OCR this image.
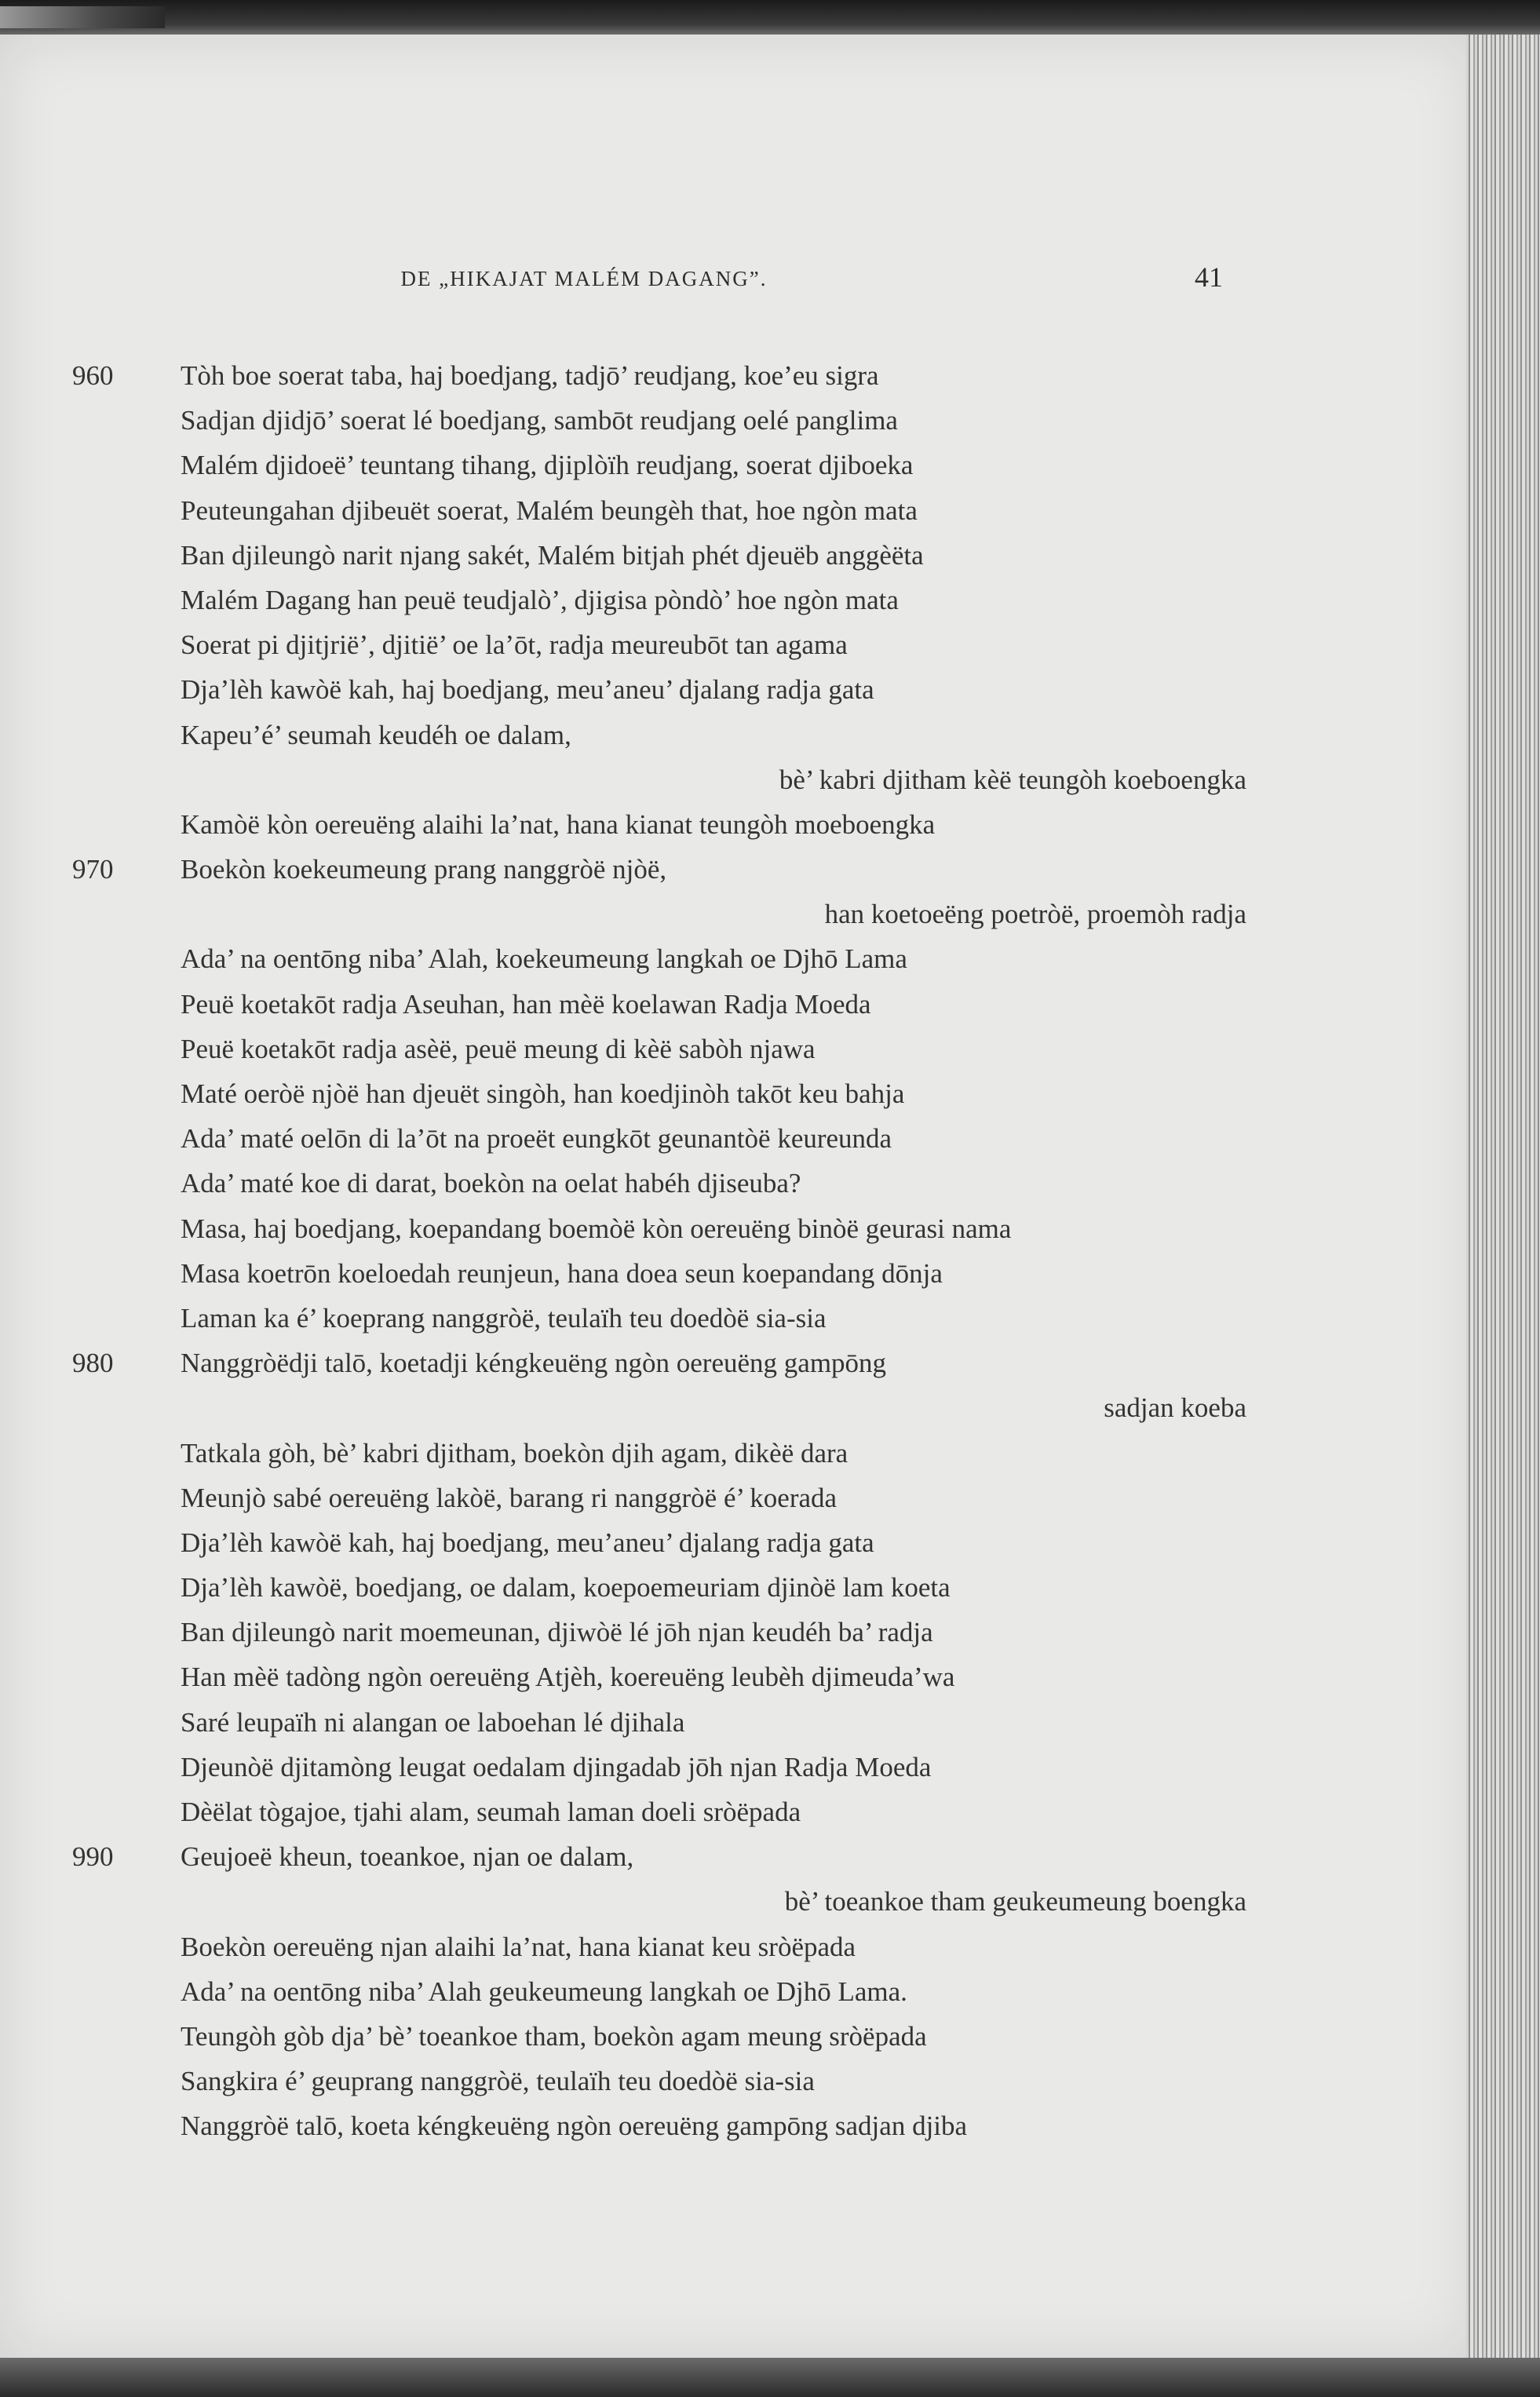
DE „HIKAJAT MALÉM DAGANG”.	41
960	Tòh boe soerat taba, haj boedjang, tadjō’ reudjang, koe’eu sigra
Sadjan djidjō’ soerat lé boedjang, sambōt reudjang oelé panglima
Malém djidoeë’ teuntang tihang, djiplòïh reudjang, soerat djiboeka
Peuteungahan djibeuët soerat, Malém beungèh that, hoe ngòn mata
Ban djileungò narit njang sakét, Malém bitjah phét djeuëb anggèëta
Malém Dagang han peuë teudjalò’, djigisa pòndò’ hoe ngòn mata
Soerat pi djitjrië’, djitië’ oe la’ōt, radja meureubōt tan agama
Dja’lèh kawòë kah, haj boedjang, meu’aneu’ djalang radja gata
Kapeu’é’ seumah keudéh oe dalam,
bè’ kabri djitham kèë teungòh koeboengka
Kamòë kòn oereuëng alaihi la’nat, hana kianat teungòh moeboengka
970	Boekòn koekeumeung prang nanggròë njòë,
han koetoeëng poetròë, proemòh radja
Ada’ na oentōng niba’ Alah, koekeumeung langkah oe Djhō Lama
Peuë koetakōt radja Aseuhan, han mèë koelawan Radja Moeda
Peuë koetakōt radja asèë, peuë meung di kèë sabòh njawa
Maté oeròë njòë han djeuët singòh, han koedjinòh takōt keu bahja
Ada’ maté oelōn di la’ōt na proeët eungkōt geunantòë keureunda
Ada’ maté koe di darat, boekòn na oelat habéh djiseuba?
Masa, haj boedjang, koepandang boemòë kòn oereuëng binòë geurasi nama
Masa koetrōn koeloedah reunjeun, hana doea seun koepandang dōnja
Laman ka é’ koeprang nanggròë, teulaïh teu doedòë sia-sia
980	Nanggròëdji talō, koetadji kéngkeuëng ngòn oereuëng gampōng
sadjan koeba
Tatkala gòh, bè’ kabri djitham, boekòn djih agam, dikèë dara
Meunjò sabé oereuëng lakòë, barang ri nanggròë é’ koerada
Dja’lèh kawòë kah, haj boedjang, meu’aneu’ djalang radja gata
Dja’lèh kawòë, boedjang, oe dalam, koepoemeuriam djinòë lam koeta
Ban djileungò narit moemeunan, djiwòë lé jōh njan keudéh ba’ radja
Han mèë tadòng ngòn oereuëng Atjèh, koereuëng leubèh djimeuda’wa
Saré leupaïh ni alangan oe laboehan lé djihala
Djeunòë djitamòng leugat oedalam djingadab jōh njan Radja Moeda
Dèëlat tògajoe, tjahi alam, seumah laman doeli sròëpada
990	Geujoeë kheun, toeankoe, njan oe dalam,
bè’ toeankoe tham geukeumeung boengka
Boekòn oereuëng njan alaihi la’nat, hana kianat keu sròëpada
Ada’ na oentōng niba’ Alah geukeumeung langkah oe Djhō Lama.
Teungòh gòb dja’ bè’ toeankoe tham, boekòn agam meung sròëpada
Sangkira é’ geuprang nanggròë, teulaïh teu doedòë sia-sia
Nanggròë talō, koeta kéngkeuëng ngòn oereuëng gampōng sadjan djiba
